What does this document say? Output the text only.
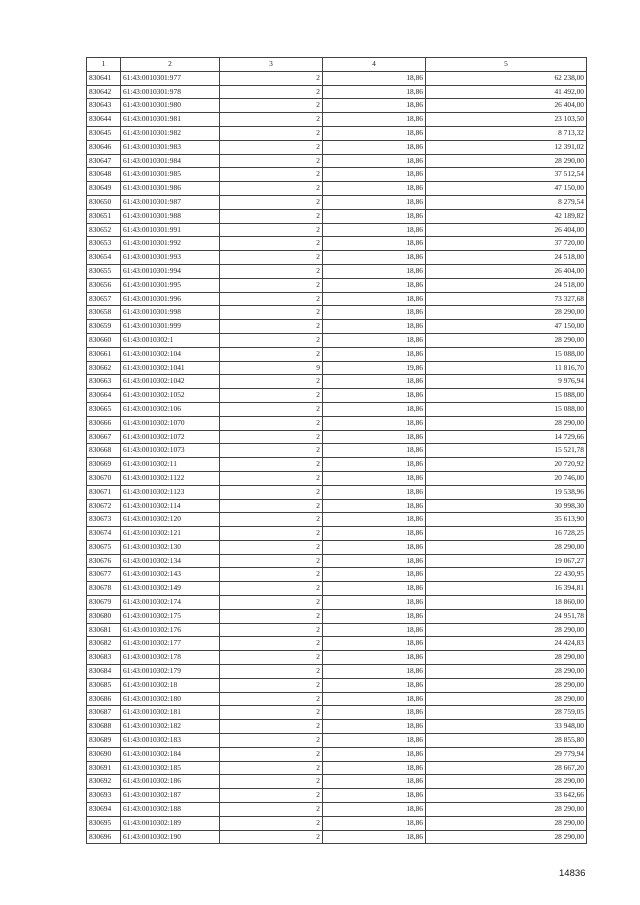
1	2	3	4	5
830641	61:43:0010301:977	2	18,86	62 238,00
830642	61:43:0010301:978	2	18,86	41 492,00
830643	61:43:0010301:980	2	18,86	26 404,00
830644	61:43:0010301:981	2	18,86	23 103,50
830645	61:43:0010301:982	2	18,86	8 713,32
830646	61:43:0010301:983	2	18,86	12 391,02
830647	61:43:0010301:984	2	18,86	28 290,00
830648	61:43:0010301:985	2	18,86	37 512,54
830649	61:43:0010301:986	2	18,86	47 150,00
830650	61:43:0010301:987	2	18,86	8 279,54
830651	61:43:0010301:988	2	18,86	42 189,82
830652	61:43:0010301:991	2	18,86	26 404,00
830653	61:43:0010301:992	2	18,86	37 720,00
830654	61:43:0010301:993	2	18,86	24 518,00
830655	61:43:0010301:994	2	18,86	26 404,00
830656	61:43:0010301:995	2	18,86	24 518,00
830657	61:43:0010301:996	2	18,86	73 327,68
830658	61:43:0010301:998	2	18,86	28 290,00
830659	61:43:0010301:999	2	18,86	47 150,00
830660	61:43:0010302:1	2	18,86	28 290,00
830661	61:43:0010302:104	2	18,86	15 088,00
830662	61:43:0010302:1041	9	19,86	11 816,70
830663	61:43:0010302:1042	2	18,86	9 976,94
830664	61:43:0010302:1052	2	18,86	15 088,00
830665	61:43:0010302:106	2	18,86	15 088,00
830666	61:43:0010302:1070	2	18,86	28 290,00
830667	61:43:0010302:1072	2	18,86	14 729,66
830668	61:43:0010302:1073	2	18,86	15 521,78
830669	61:43:0010302:11	2	18,86	20 720,92
830670	61:43:0010302:1122	2	18,86	20 746,00
830671	61:43:0010302:1123	2	18,86	19 538,96
830672	61:43:0010302:114	2	18,86	30 998,30
830673	61:43:0010302:120	2	18,86	35 613,90
830674	61:43:0010302:121	2	18,86	16 728,25
830675	61:43:0010302:130	2	18,86	28 290,00
830676	61:43:0010302:134	2	18,86	19 067,27
830677	61:43:0010302:143	2	18,86	22 430,95
830678	61:43:0010302:149	2	18,86	16 394,81
830679	61:43:0010302:174	2	18,86	18 860,00
830680	61:43:0010302:175	2	18,86	24 951,78
830681	61:43:0010302:176	2	18,86	28 290,00
830682	61:43:0010302:177	2	18,86	24 424,83
830683	61:43:0010302:178	2	18,86	28 290,00
830684	61:43:0010302:179	2	18,86	28 290,00
830685	61:43:0010302:18	2	18,86	28 290,00
830686	61:43:0010302:180	2	18,86	28 290,00
830687	61:43:0010302:181	2	18,86	28 759,05
830688	61:43:0010302:182	2	18,86	33 948,00
830689	61:43:0010302:183	2	18,86	28 855,80
830690	61:43:0010302:184	2	18,86	29 779,94
830691	61:43:0010302:185	2	18,86	28 667,20
830692	61:43:0010302:186	2	18,86	28 290,00
830693	61:43:0010302:187	2	18,86	33 642,66
830694	61:43:0010302:188	2	18,86	28 290,00
830695	61:43:0010302:189	2	18,86	28 290,00
830696	61:43:0010302:190	2	18,86	28 290,00
14836
